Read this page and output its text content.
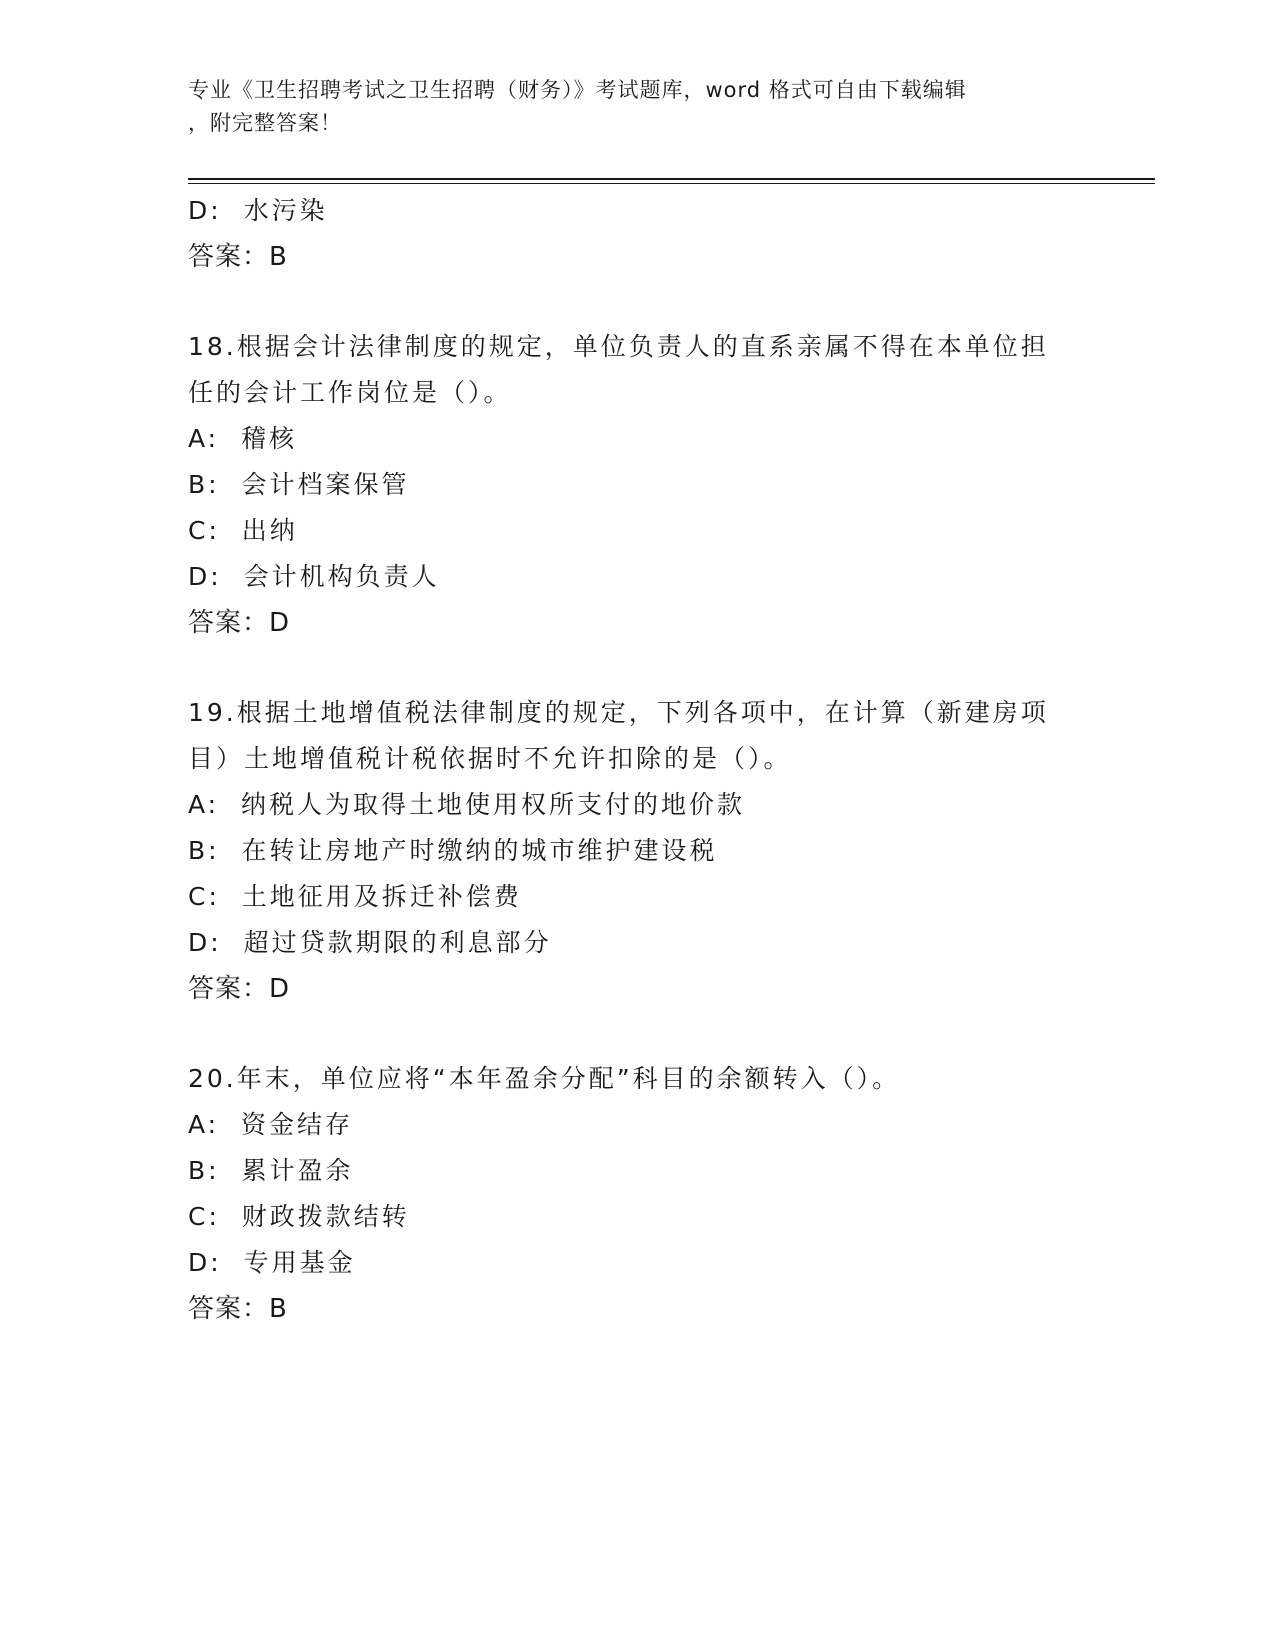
专业《卫生招聘考试之卫生招聘（财务）》考试题库，word 格式可自由下载编辑
，附完整答案！
D:  水污染
答案：B
18.根据会计法律制度的规定，单位负责人的直系亲属不得在本单位担
任的会计工作岗位是（）。
A:  稽核
B:  会计档案保管
C:  出纳
D:  会计机构负责人
答案：D
19.根据土地增值税法律制度的规定，下列各项中，在计算（新建房项
目）土地增值税计税依据时不允许扣除的是（）。
A:  纳税人为取得土地使用权所支付的地价款
B:  在转让房地产时缴纳的城市维护建设税
C:  土地征用及拆迁补偿费
D:  超过贷款期限的利息部分
答案：D
20.年末，单位应将“本年盈余分配”科目的余额转入（）。
A:  资金结存
B:  累计盈余
C:  财政拨款结转
D:  专用基金
答案：B
